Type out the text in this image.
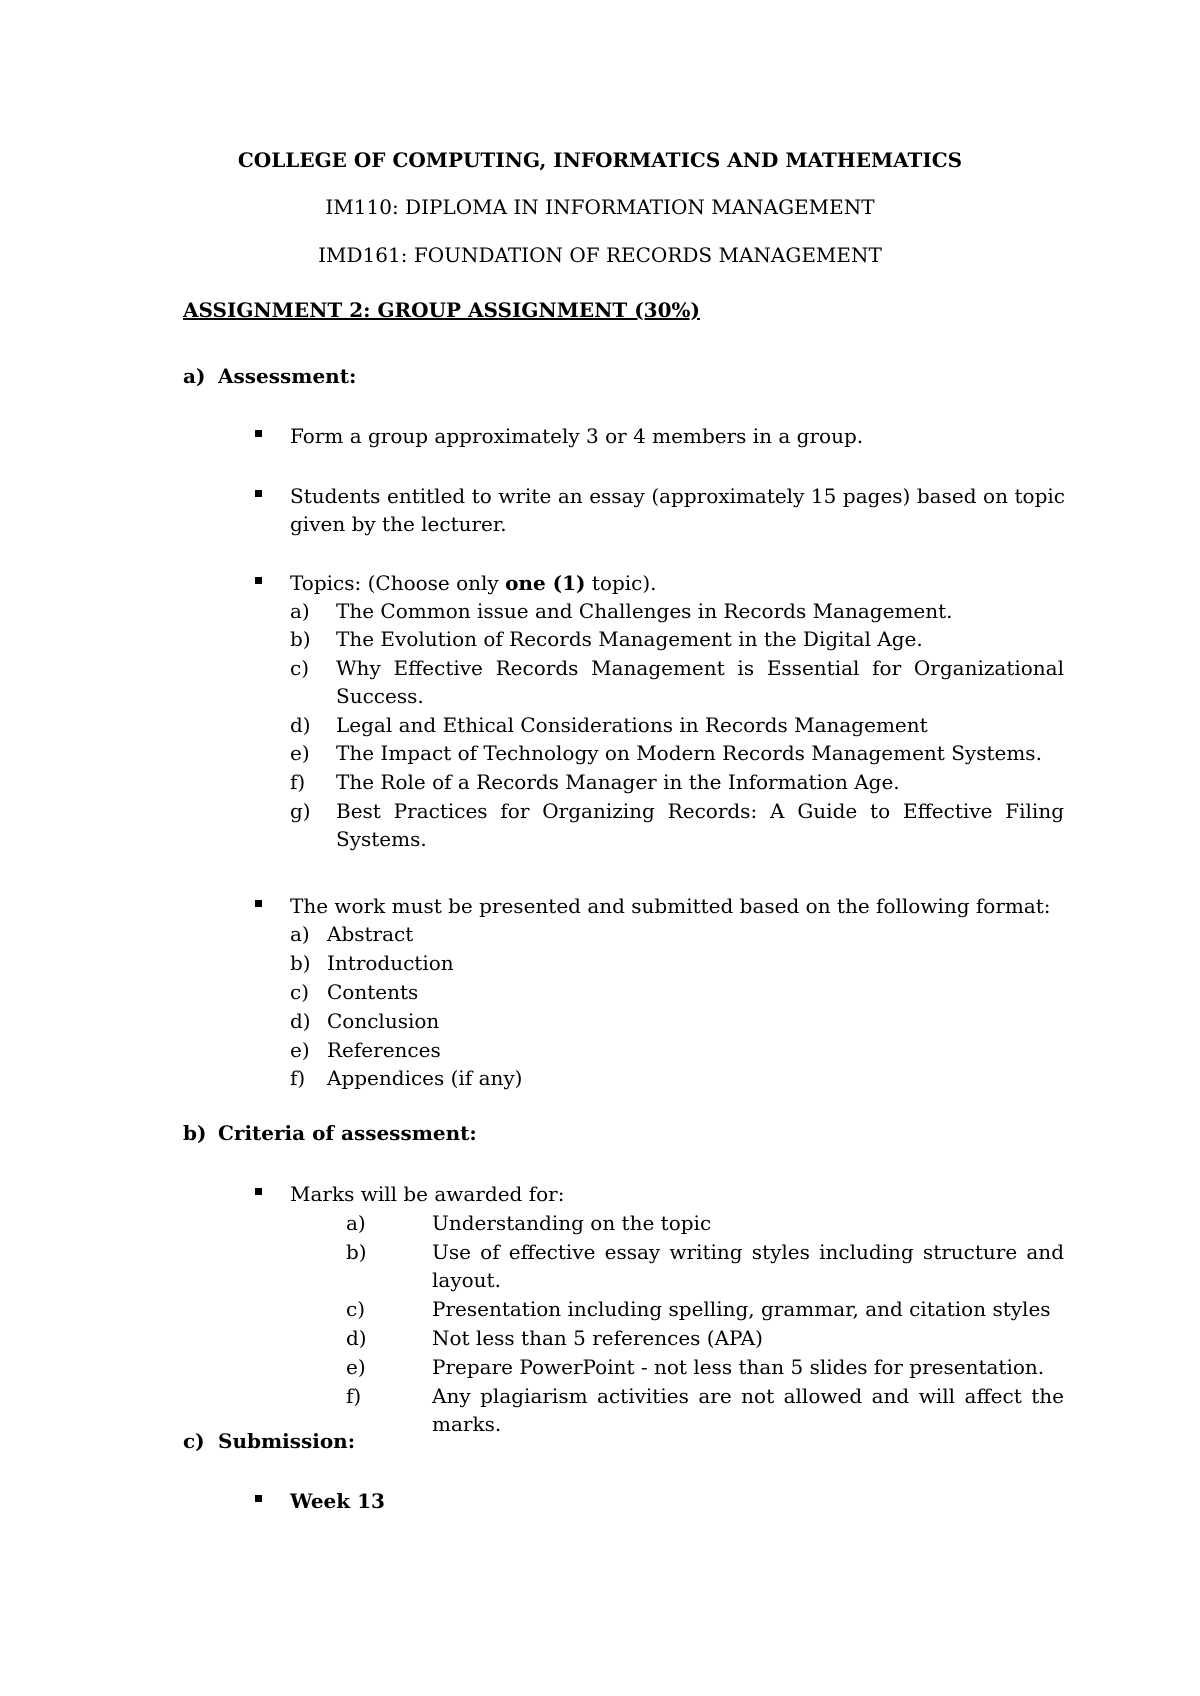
COLLEGE OF COMPUTING, INFORMATICS AND MATHEMATICS
IM110: DIPLOMA IN INFORMATION MANAGEMENT
IMD161: FOUNDATION OF RECORDS MANAGEMENT
ASSIGNMENT 2: GROUP ASSIGNMENT (30%)
a) Assessment:
Form a group approximately 3 or 4 members in a group.
Students entitled to write an essay (approximately 15 pages) based on topic given by the lecturer.
Topics: (Choose only one (1) topic).
a) The Common issue and Challenges in Records Management.
b) The Evolution of Records Management in the Digital Age.
c) Why Effective Records Management is Essential for Organizational Success.
d) Legal and Ethical Considerations in Records Management
e) The Impact of Technology on Modern Records Management Systems.
f) The Role of a Records Manager in the Information Age.
g) Best Practices for Organizing Records: A Guide to Effective Filing Systems.
The work must be presented and submitted based on the following format:
a) Abstract
b) Introduction
c) Contents
d) Conclusion
e) References
f) Appendices (if any)
b) Criteria of assessment:
Marks will be awarded for:
a)	Understanding on the topic
b)	Use of effective essay writing styles including structure and layout.
c)	Presentation including spelling, grammar, and citation styles
d)	Not less than 5 references (APA)
e)	Prepare PowerPoint - not less than 5 slides for presentation.
f)	Any plagiarism activities are not allowed and will affect the marks.
c) Submission:
Week 13
